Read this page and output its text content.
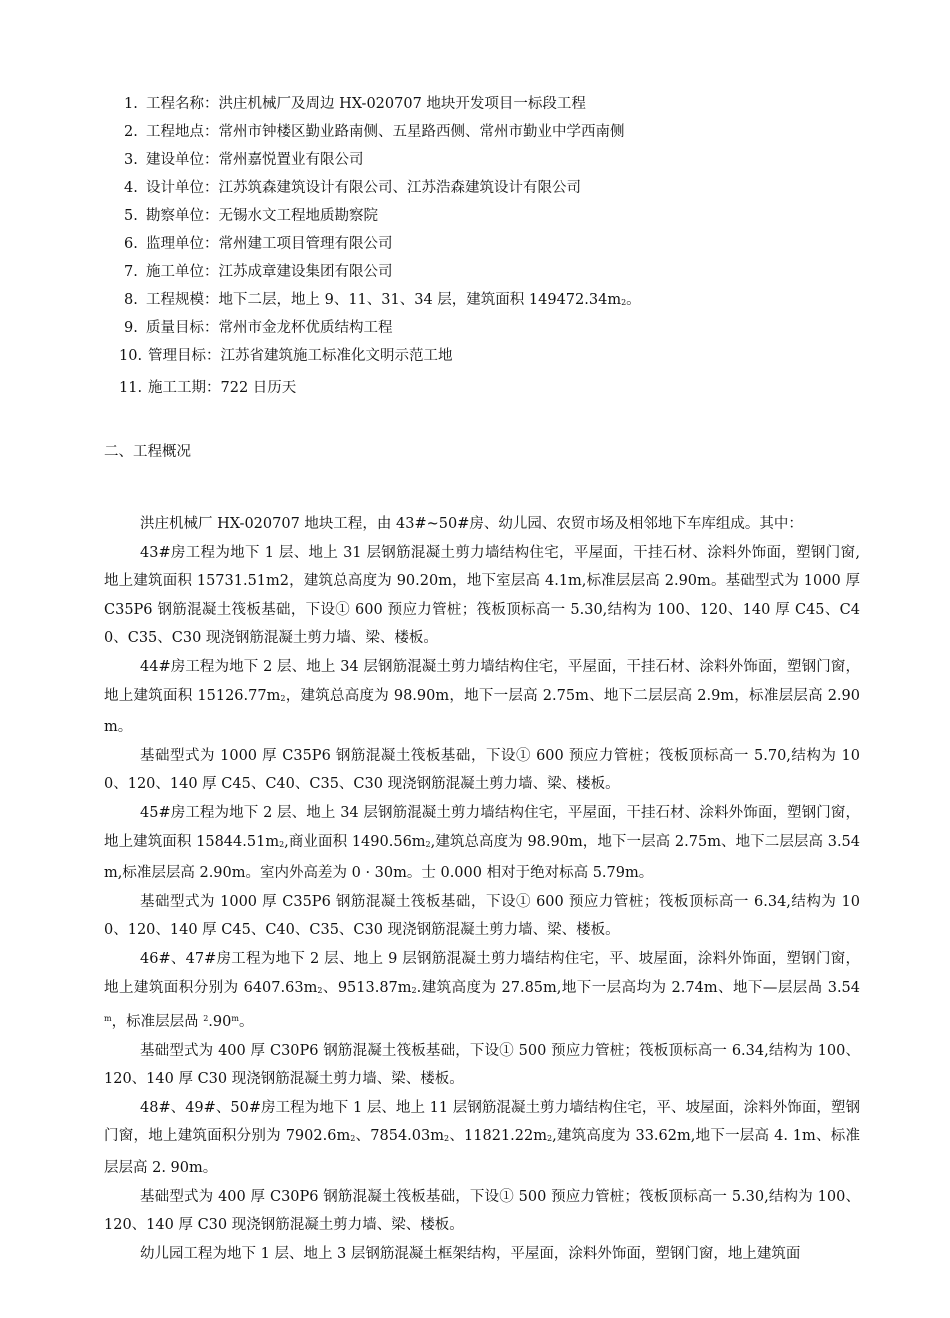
1. 工程名称：洪庄机械厂及周边 HX-020707 地块开发项目一标段工程
2. 工程地点：常州市钟楼区勤业路南侧、五星路西侧、常州市勤业中学西南侧
3. 建设单位：常州嘉悦置业有限公司
4. 设计单位：江苏筑森建筑设计有限公司、江苏浩森建筑设计有限公司
5. 勘察单位：无锡水文工程地质勘察院
6. 监理单位：常州建工项目管理有限公司
7. 施工单位：江苏成章建设集团有限公司
8. 工程规模：地下二层，地上 9、11、31、34 层，建筑面积 $149472.34m_2$。
9. 质量目标：常州市金龙杯优质结构工程
10. 管理目标：江苏省建筑施工标准化文明示范工地
11. 施工工期：722 日历天
二、工程概况

洪庄机械厂 HX-020707 地块工程，由 43#~50#房、幼儿园、农贸市场及相邻地下车库组成。其中：

43#房工程为地下 1 层、地上 31 层钢筋混凝土剪力墙结构住宅，平屋面，干挂石材、涂料外饰面，塑钢门窗, 地上建筑面积 15731.51m2，建筑总高度为 90.20m，地下室层高 4.1m,标准层层高 2.90m。基础型式为 1000 厚 C35P6 钢筋混凝土筏板基础，下设① 600 预应力管桩；筏板顶标高一 5.30,结构为 100、120、140 厚 C45、C40、C35、C30 现浇钢筋混凝土剪力墙、梁、楼板。

44#房工程为地下 2 层、地上 34 层钢筋混凝土剪力墙结构住宅，平屋面，干挂石材、涂料外饰面，塑钢门窗，地上建筑面积 $15126.77m_2$，建筑总高度为 98.90m，地下一层高 2.75m、地下二层层高 2.9m，标准层层高 2.90m。

基础型式为 1000 厚 C35P6 钢筋混凝土筏板基础，下设① 600 预应力管桩；筏板顶标高一 5.70,结构为 100、120、140 厚 C45、C40、C35、C30 现浇钢筋混凝土剪力墙、梁、楼板。

45#房工程为地下 2 层、地上 34 层钢筋混凝土剪力墙结构住宅，平屋面，干挂石材、涂料外饰面，塑钢门窗，地上建筑面积 $15844.51m_2$,商业面积 $1490.56m_2$,建筑总高度为 98.90m，地下一层高 2.75m、地下二层层高 3.54m,标准层层高 2.90m。室内外高差为 0 · 30m。士 0.000 相对于绝对标高 5.79m。

基础型式为 1000 厚 C35P6 钢筋混凝土筏板基础，下设① 600 预应力管桩；筏板顶标高一 6.34,结构为 100、120、140 厚 C45、C40、C35、C30 现浇钢筋混凝土剪力墙、梁、楼板。

46#、47#房工程为地下 2 层、地上 9 层钢筋混凝土剪力墙结构住宅，平、坡屋面，涂料外饰面，塑钢门窗，地上建筑面积分别为 $6407.63m_2$、$9513.87m_2$.建筑高度为 27.85m,地下一层高均为 2.74m、地下—层层咼 3.54$^m$，标准层层咼 $^2$.90$^m$。

基础型式为 400 厚 C30P6 钢筋混凝土筏板基础，下设① 500 预应力管桩；筏板顶标高一 6.34,结构为 100、120、140 厚 C30 现浇钢筋混凝土剪力墙、梁、楼板。

48#、49#、50#房工程为地下 1 层、地上 11 层钢筋混凝土剪力墙结构住宅，平、坡屋面，涂料外饰面，塑钢门窗，地上建筑面积分别为 $7902.6m_2$、$7854.03m_2$、$11821.22m_2$,建筑高度为 33.62m,地下一层高 4. 1m、标准层层高 2. 90m。

基础型式为 400 厚 C30P6 钢筋混凝土筏板基础，下设① 500 预应力管桩；筏板顶标高一 5.30,结构为 100、120、140 厚 C30 现浇钢筋混凝土剪力墙、梁、楼板。

幼儿园工程为地下 1 层、地上 3 层钢筋混凝土框架结构，平屋面，涂料外饰面，塑钢门窗，地上建筑面
